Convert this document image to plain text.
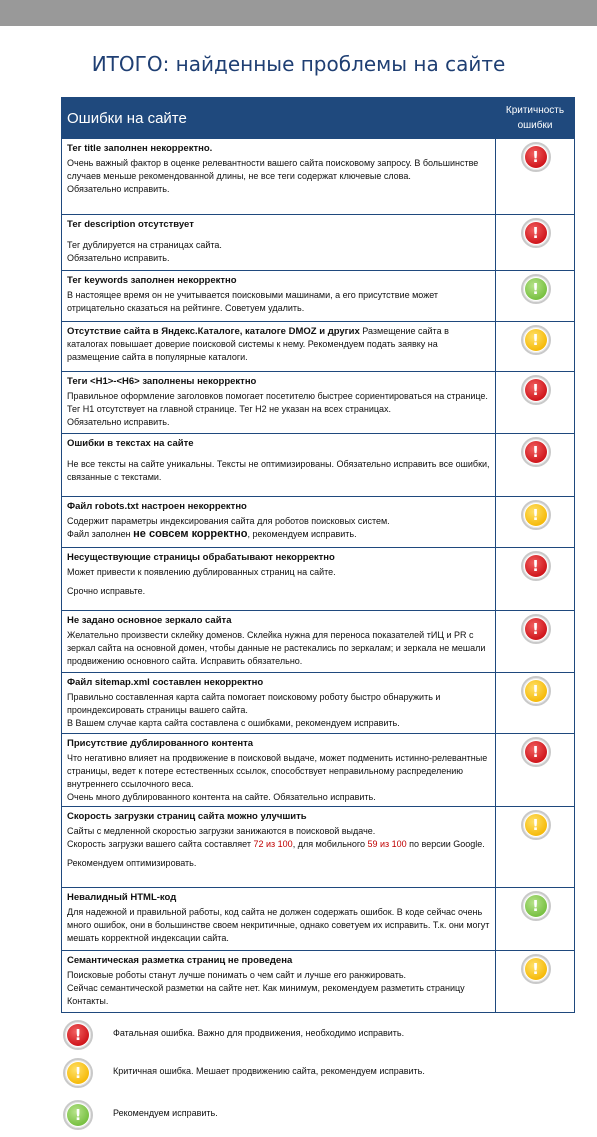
ИТОГО: найденные проблемы на сайте
Ошибки на сайте	Критичность
ошибки

Тег title заполнен некорректно.
Очень важный фактор в оценке релевантности вашего сайта поисковому запросу. В большинстве случаев меньше рекомендованной длины, не все теги содержат ключевые слова.
Обязательно исправить.	!

Тег description отсутствует
Тег дублируется на страницах сайта.
Обязательно исправить.	!

Тег keywords заполнен некорректно
В настоящее время он не учитывается поисковыми машинами, а его присутствие может отрицательно сказаться на рейтинге. Советуем удалить.	!

Отсутствие сайта в Яндекс.Каталоге, каталоге DMOZ и других Размещение сайта в каталогах повышает доверие поисковой системы к нему. Рекомендуем подать заявку на размещение сайта в популярные каталоги.	!

Теги <H1>-<H6> заполнены некорректно
Правильное оформление заголовков помогает посетителю быстрее сориентироваться на странице. Тег H1 отсутствует на главной странице. Тег H2 не указан на всех страницах.
Обязательно исправить.	!

Ошибки в текстах на сайте
Не все тексты на сайте уникальны. Тексты не оптимизированы. Обязательно исправить все ошибки, связанные с текстами.	!

Файл robots.txt настроен некорректно
Содержит параметры индексирования сайта для роботов поисковых систем.
Файл заполнен не совсем корректно, рекомендуем исправить.	!

Несуществующие страницы обрабатывают некорректно
Может привести к появлению дублированных страниц на сайте.
Срочно исправьте.	!

Не задано основное зеркало сайта
Желательно произвести склейку доменов. Склейка нужна для переноса показателей тИЦ и PR с зеркал сайта на основной домен, чтобы данные не растекались по зеркалам; и зеркала не мешали продвижению основного сайта. Исправить обязательно.	!

Файл sitemap.xml составлен некорректно
Правильно составленная карта сайта помогает поисковому роботу быстро обнаружить и проиндексировать страницы вашего сайта.
В Вашем случае карта сайта составлена с ошибками, рекомендуем исправить.	!

Присутствие дублированного контента
Что негативно влияет на продвижение в поисковой выдаче, может подменить истинно-релевантные страницы, ведет к потере естественных ссылок, способствует неправильному распределению внутреннего ссылочного веса.
Очень много дублированного контента на сайте. Обязательно исправить.	!

Скорость загрузки страниц сайта можно улучшить
Сайты с медленной скоростью загрузки занижаются в поисковой выдаче.
Скорость загрузки вашего сайта составляет 72 из 100, для мобильного 59 из 100 по версии Google.
Рекомендуем оптимизировать.	!

Невалидный HTML-код
Для надежной и правильной работы, код сайта не должен содержать ошибок. В коде сейчас очень много ошибок, они в большинстве своем некритичные, однако советуем их исправить. Т.к. они могут мешать корректной индексации сайта.	!

Семантическая разметка страниц не проведена
Поисковые роботы станут лучше понимать о чем сайт и лучше его ранжировать.
Сейчас семантической разметки на сайте нет. Как минимум, рекомендуем разметить страницу Контакты.	!
!	Фатальная ошибка. Важно для продвижения, необходимо исправить.
!	Критичная ошибка. Мешает продвижению сайта, рекомендуем исправить.
!	Рекомендуем исправить.
